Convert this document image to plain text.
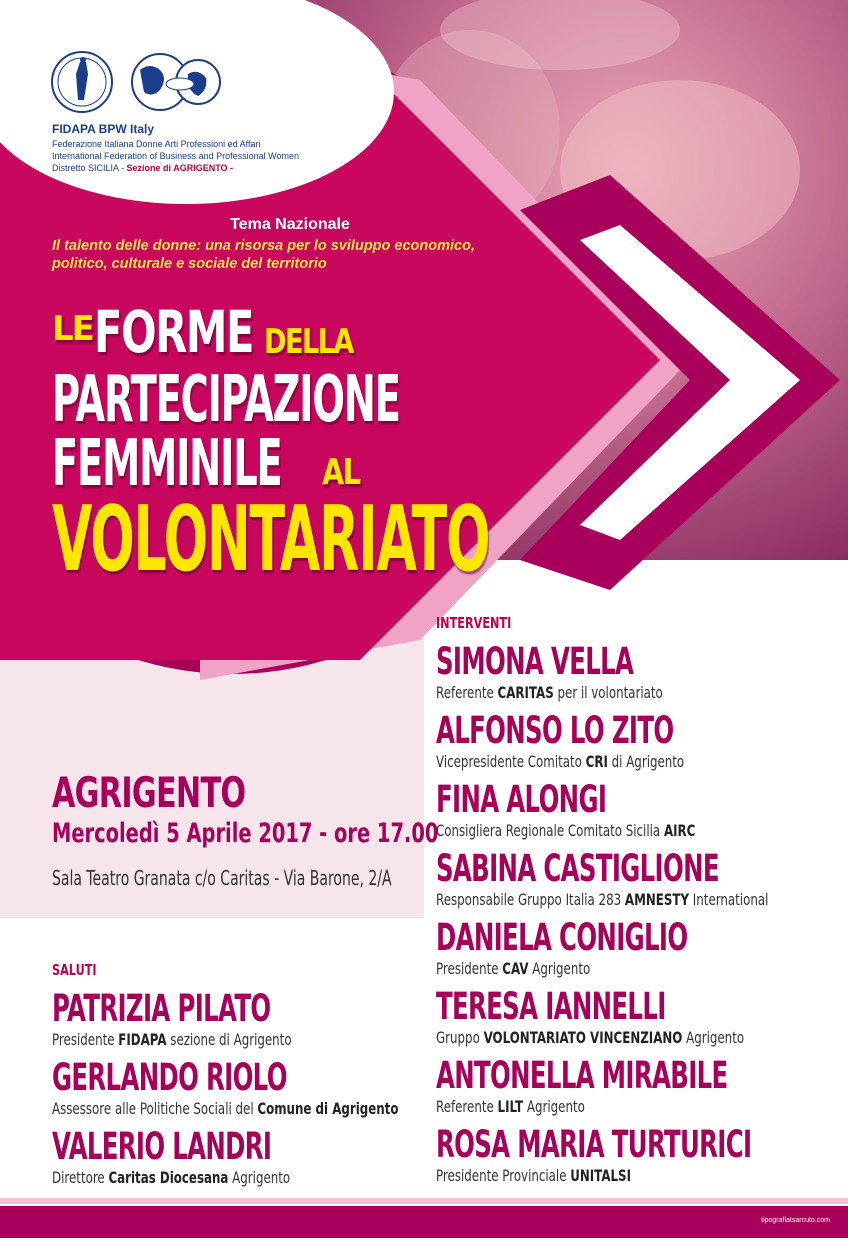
FIDAPA BPW Italy
Federazione Italiana Donne Arti Professioni ed Affari
International Federation of Business and Professional Women
Distretto SICILIA - Sezione di AGRIGENTO -
Tema Nazionale
Il talento delle donne: una risorsa per lo sviluppo economico, politico, culturale e sociale del territorio
LE FORME DELLA
PARTECIPAZIONE
FEMMINILE AL
VOLONTARIATO
AGRIGENTO
Mercoledì 5 Aprile 2017 - ore 17.00
Sala Teatro Granata c/o Caritas - Via Barone, 2/A
SALUTI
PATRIZIA PILATO
Presidente FIDAPA sezione di Agrigento
GERLANDO RIOLO
Assessore alle Politiche Sociali del Comune di Agrigento
VALERIO LANDRI
Direttore Caritas Diocesana Agrigento
INTERVENTI
SIMONA VELLA
Referente CARITAS per il volontariato
ALFONSO LO ZITO
Vicepresidente Comitato CRI di Agrigento
FINA ALONGI
Consigliera Regionale Comitato Sicilia AIRC
SABINA CASTIGLIONE
Responsabile Gruppo Italia 283 AMNESTY International
DANIELA CONIGLIO
Presidente CAV Agrigento
TERESA IANNELLI
Gruppo VOLONTARIATO VINCENZIANO Agrigento
ANTONELLA MIRABILE
Referente LILT Agrigento
ROSA MARIA TURTURICI
Presidente Provinciale UNITALSI
tipografiatsarcuto.com
